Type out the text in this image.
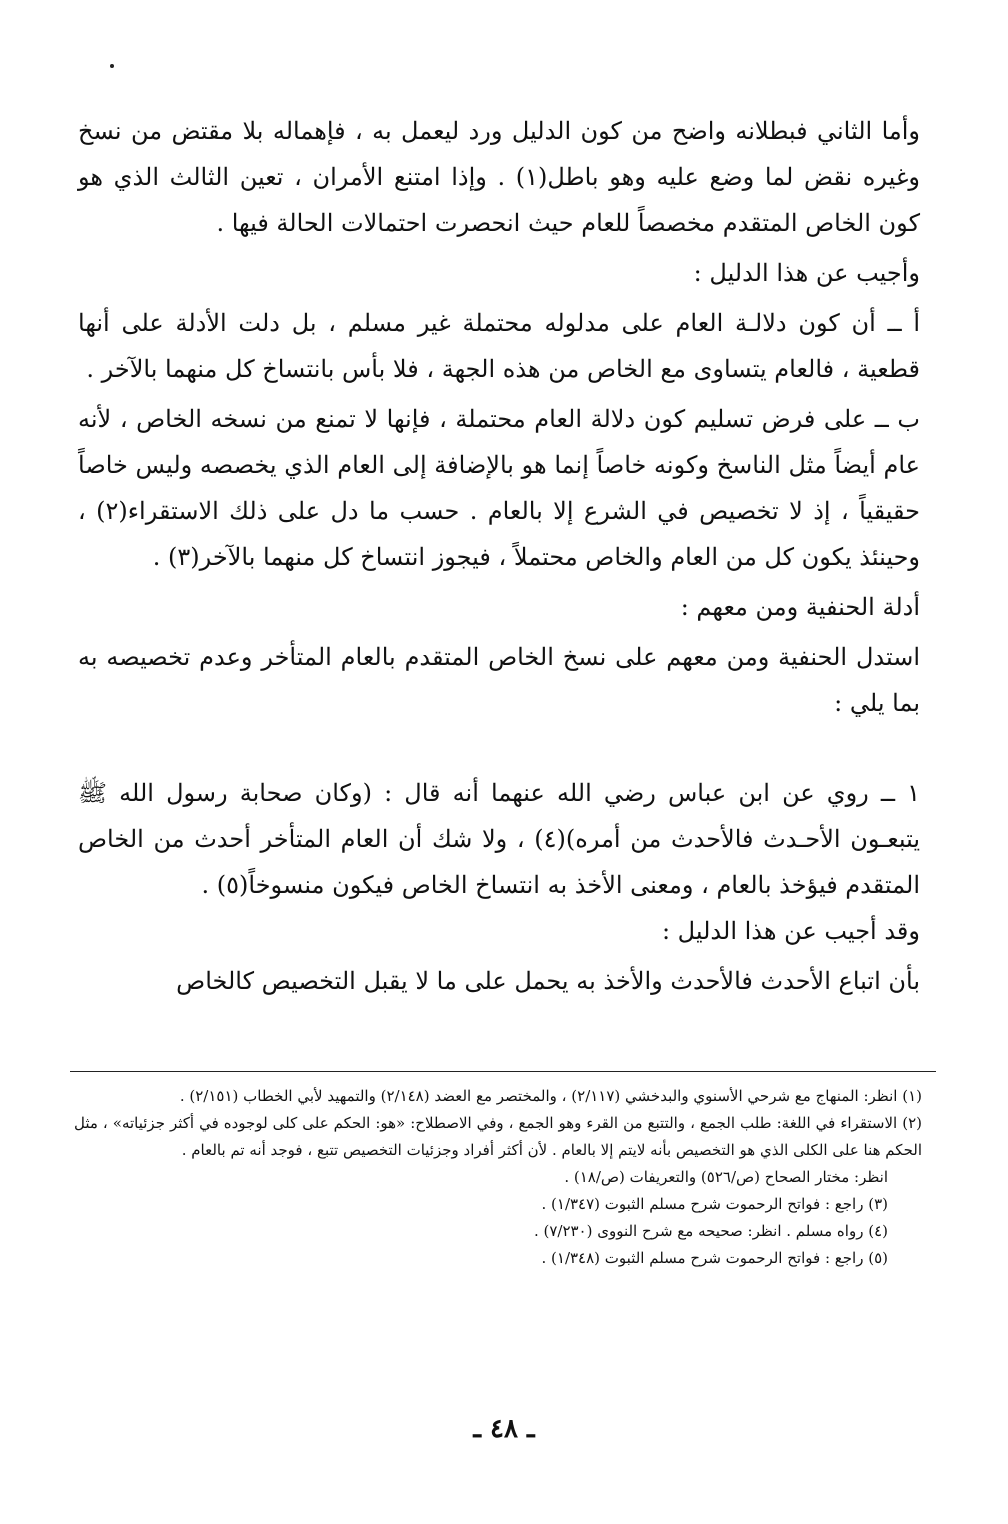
وأما الثاني فبطلانه واضح من كون الدليل ورد ليعمل به ، فإهماله بلا مقتض من نسخ وغيره نقض لما وضع عليه وهو باطل(١) . وإذا امتنع الأمران ، تعين الثالث الذي هو كون الخاص المتقدم مخصصاً للعام حيث انحصرت احتمالات الحالة فيها .

وأجيب عن هذا الدليل :

أ ــ أن كون دلالـة العام على مدلوله محتملة غير مسلم ، بل دلت الأدلة على أنها قطعية ، فالعام يتساوى مع الخاص من هذه الجهة ، فلا بأس بانتساخ كل منهما بالآخر .

ب ــ على فرض تسليم كون دلالة العام محتملة ، فإنها لا تمنع من نسخه الخاص ، لأنه عام أيضاً مثل الناسخ وكونه خاصاً إنما هو بالإضافة إلى العام الذي يخصصه وليس خاصاً حقيقياً ، إذ لا تخصيص في الشرع إلا بالعام . حسب ما دل على ذلك الاستقراء(٢) ، وحينئذ يكون كل من العام والخاص محتملاً ، فيجوز انتساخ كل منهما بالآخر(٣) .

أدلة الحنفية ومن معهم :

استدل الحنفية ومن معهم على نسخ الخاص المتقدم بالعام المتأخر وعدم تخصيصه به بما يلي :

١ ــ روي عن ابن عباس رضي الله عنهما أنه قال : (وكان صحابة رسول الله ﷺ يتبعـون الأحـدث فالأحدث من أمره)(٤) ، ولا شك أن العام المتأخر أحدث من الخاص المتقدم فيؤخذ بالعام ، ومعنى الأخذ به انتساخ الخاص فيكون منسوخاً(٥) .

وقد أجيب عن هذا الدليل :

بأن اتباع الأحدث فالأحدث والأخذ به يحمل على ما لا يقبل التخصيص كالخاص

(١) انظر: المنهاج مع شرحي الأسنوي والبدخشي (٢/١١٧) ، والمختصر مع العضد (٢/١٤٨) والتمهيد لأبي الخطاب (٢/١٥١) .

(٢) الاستقراء في اللغة: طلب الجمع ، والتتبع من القرء وهو الجمع ، وفي الاصطلاح: «هو: الحكم على كلى لوجوده في أكثر جزئياته» ، مثل الحكم هنا على الكلى الذي هو التخصيص بأنه لايتم إلا بالعام . لأن أكثر أفراد وجزئيات التخصيص تتبع ، فوجد أنه تم بالعام .

انظر: مختار الصحاح (ص/٥٢٦) والتعريفات (ص/١٨) .

(٣) راجع : فواتح الرحموت شرح مسلم الثبوت (١/٣٤٧) .

(٤) رواه مسلم . انظر: صحيحه مع شرح النووى (٧/٢٣٠) .

(٥) راجع : فواتح الرحموت شرح مسلم الثبوت (١/٣٤٨) .

ـ ٤٨ ـ
